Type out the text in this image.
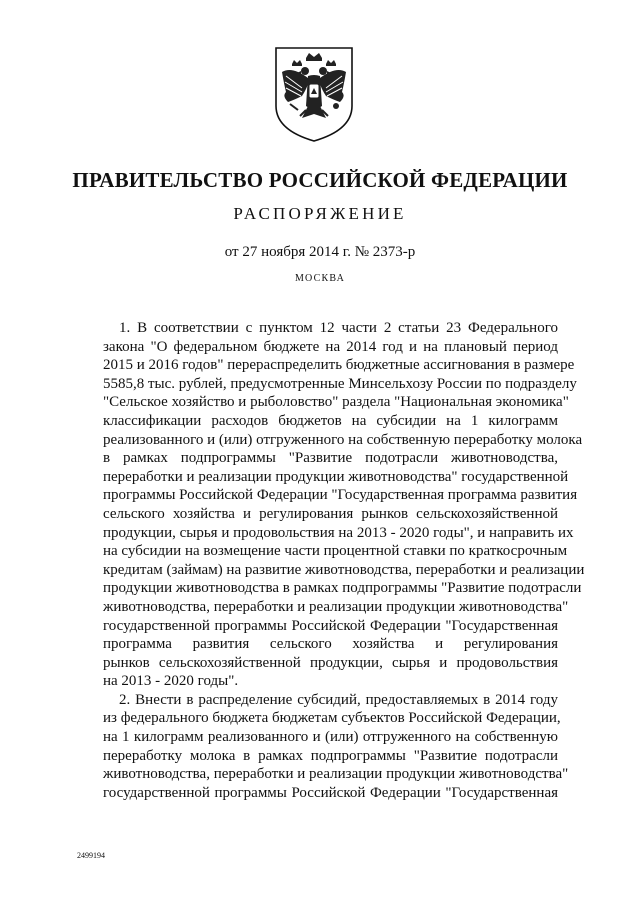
ПРАВИТЕЛЬСТВО РОССИЙСКОЙ ФЕДЕРАЦИИ
РАСПОРЯЖЕНИЕ
от 27 ноября 2014 г. № 2373-р
МОСКВА
1. В соответствии с пунктом 12 части 2 статьи 23 Федерального
закона "О федеральном бюджете на 2014 год и на плановый период
2015 и 2016 годов" перераспределить бюджетные ассигнования в размере
5585,8 тыс. рублей, предусмотренные Минсельхозу России по подразделу
"Сельское хозяйство и рыболовство" раздела "Национальная экономика"
классификации расходов бюджетов на субсидии на 1 килограмм
реализованного и (или) отгруженного на собственную переработку молока
в рамках подпрограммы "Развитие подотрасли животноводства,
переработки и реализации продукции животноводства" государственной
программы Российской Федерации "Государственная программа развития
сельского хозяйства и регулирования рынков сельскохозяйственной
продукции, сырья и продовольствия на 2013 - 2020 годы", и направить их
на субсидии на возмещение части процентной ставки по краткосрочным
кредитам (займам) на развитие животноводства, переработки и реализации
продукции животноводства в рамках подпрограммы "Развитие подотрасли
животноводства, переработки и реализации продукции животноводства"
государственной программы Российской Федерации "Государственная
программа развития сельского хозяйства и регулирования
рынков сельскохозяйственной продукции, сырья и продовольствия
на 2013 - 2020 годы".
2. Внести в распределение субсидий, предоставляемых в 2014 году
из федерального бюджета бюджетам субъектов Российской Федерации,
на 1 килограмм реализованного и (или) отгруженного на собственную
переработку молока в рамках подпрограммы "Развитие подотрасли
животноводства, переработки и реализации продукции животноводства"
государственной программы Российской Федерации "Государственная
2499194
